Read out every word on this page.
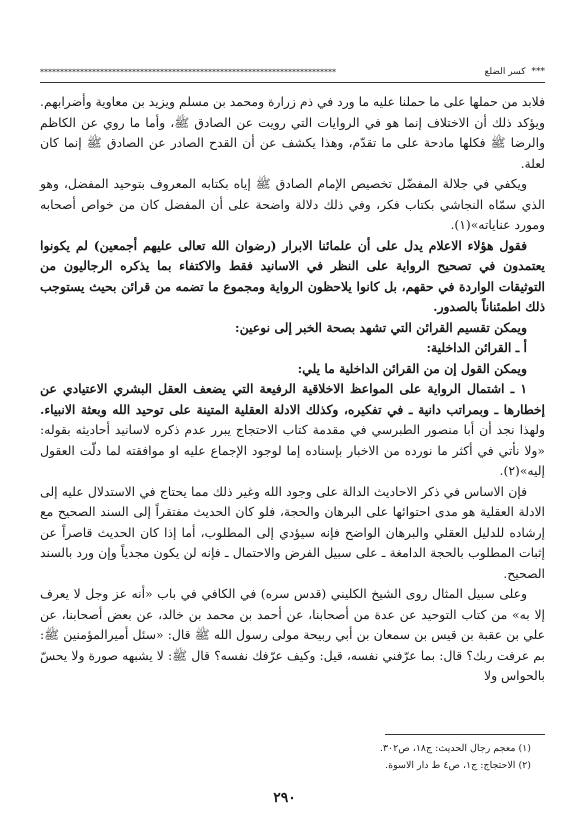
***
كسر الضلع
**************************************************************************

فلابد من حملها على ما حملنا عليه ما ورد في ذم زرارة ومحمد بن مسلم ويزيد بن معاوية وأضرابهم. ويؤكد ذلك أن الاختلاف إنما هو في الروايات التي رويت عن الصادق ﷺ، وأما ما روي عن الكاظم والرضا ﷺ فكلها مادحة على ما تقدّم، وهذا يكشف عن أن القدح الصادر عن الصادق ﷺ إنما كان لعلة.

ويكفي في جلالة المفضّل تخصيص الإمام الصادق ﷺ إياه بكتابه المعروف بتوحيد المفضل، وهو الذي سمّاه النجاشي بكتاب فكر، وفي ذلك دلالة واضحة على أن المفضل كان من خواص أصحابه ومورد عناياته»(١).

فقول هؤلاء الاعلام يدل على أن علمائنا الابرار (رضوان الله تعالى عليهم أجمعين) لم يكونوا يعتمدون في تصحيح الرواية على النظر في الاسانيد فقط والاكتفاء بما يذكره الرجاليون من التوثيقات الواردة في حقهم، بل كانوا يلاحظون الرواية ومجموع ما تضمه من قرائن بحيث يستوجب ذلك اطمئناناً بالصدور.

ويمكن تقسيم القرائن التي تشهد بصحة الخبر إلى نوعين:

أ ـ القرائن الداخلية:

ويمكن القول إن من القرائن الداخلية ما يلي:

١ ـ اشتمال الرواية على المواعظ الاخلاقية الرفيعة التي يضعف العقل البشري الاعتيادي عن إخطارها ـ وبمراتب دانية ـ في تفكيره، وكذلك الادلة العقلية المتينة على توحيد الله وبعثة الانبياء. ولهذا نجد أن أبا منصور الطبرسي في مقدمة كتاب الاحتجاج يبرر عدم ذكره لاسانيد أحاديثه بقوله: «ولا نأتي في أكثر ما نورده من الاخبار بإسناده إما لوجود الإجماع عليه او موافقته لما دلّت العقول إليه»(٢).

فإن الاساس في ذكر الاحاديث الدالة على وجود الله وغير ذلك مما يحتاج في الاستدلال عليه إلى الادلة العقلية هو مدى احتوائها على البرهان والحجة، فلو كان الحديث مفتقراً إلى السند الصحيح مع إرشاده للدليل العقلي والبرهان الواضح فإنه سيؤدي إلى المطلوب، أما إذا كان الحديث قاصراً عن إثبات المطلوب بالحجة الدامغة ـ على سبيل الفرض والاحتمال ـ فإنه لن يكون مجدياً وإن ورد بالسند الصحيح.

وعلى سبيل المثال روى الشيخ الكليني (قدس سره) في الكافي في باب «أنه عز وجل لا يعرف إلا به» من كتاب التوحيد عن عدة من أصحابنا، عن أحمد بن محمد بن خالد، عن بعض أصحابنا، عن علي بن عقبة بن قيس بن سمعان بن أبي ربيحة مولى رسول الله ﷺ قال: «سئل أميرالمؤمنين ﷺ: بم عرفت ربك؟ قال: بما عرّفني نفسه، قيل: وكيف عرّفك نفسه؟ قال ﷺ: لا يشبهه صورة ولا يحسّ بالحواس ولا

(١) معجم رجال الحديث: ج١٨، ص٣٠٢.
(٢) الاحتجاج: ج١، ص٤ ط دار الاسوة.
٢٩٠
